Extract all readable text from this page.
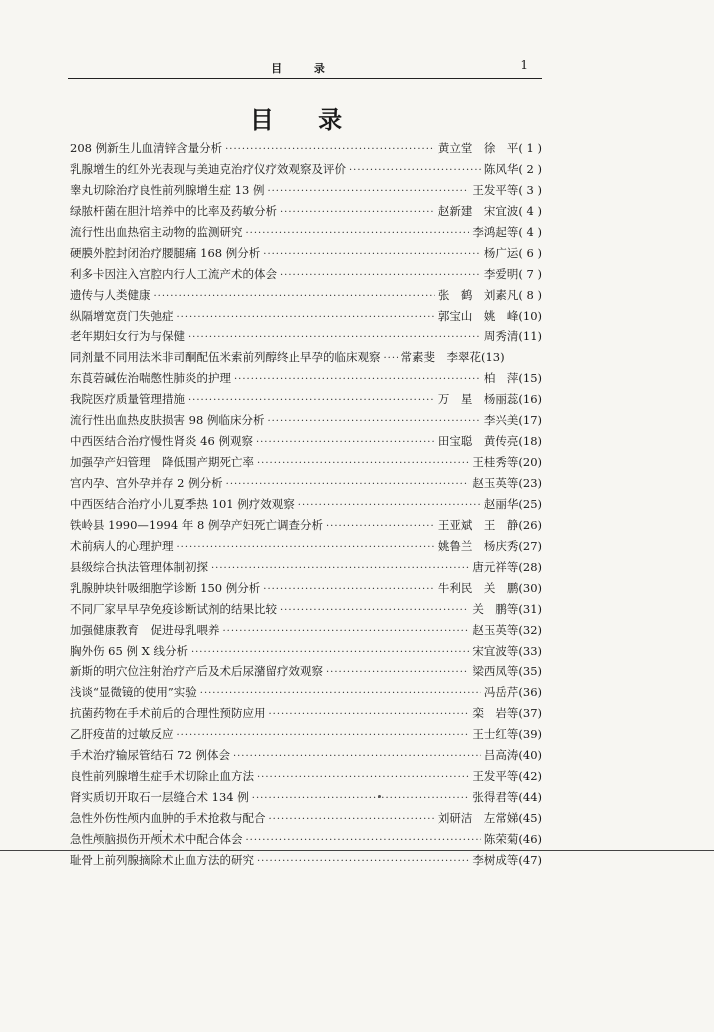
目 录	1
目 录
208 例新生儿血清锌含量分析 ·····	黄立堂　徐　平 ( 1 )
乳腺增生的红外光表现与美迪克治疗仪疗效观察及评价 ·····	陈风华 ( 2 )
睾丸切除治疗良性前列腺增生症 13 例 ·····	王发平等 ( 3 )
绿脓杆菌在胆汁培养中的比率及药敏分析 ·····	赵新建　宋宜波 ( 4 )
流行性出血热宿主动物的监测研究 ·····	李鸿起等 ( 4 )
硬膜外腔封闭治疗腰腿痛 168 例分析 ·····	杨广运 ( 6 )
利多卡因注入宫腔内行人工流产术的体会 ·····	李爱明 ( 7 )
遗传与人类健康 ·····	张　鹤　刘素凡 ( 8 )
纵隔增宽贲门失弛症 ·····	郭宝山　姚　峰 (10)
老年期妇女行为与保健 ·····	周秀清 (11)
同剂量不同用法米非司酮配伍米索前列醇终止早孕的临床观察 ····· 常素斐　李翠花 (13)
东莨菪碱佐治喘憋性肺炎的护理 ·····	柏　萍 (15)
我院医疗质量管理措施 ·····	万　星　杨丽蕊 (16)
流行性出血热皮肤损害 98 例临床分析 ·····	李兴美 (17)
中西医结合治疗慢性肾炎 46 例观察 ·····	田宝聪　黄传亮 (18)
加强孕产妇管理　降低围产期死亡率 ·····	王桂秀等 (20)
宫内孕、宫外孕并存 2 例分析 ·····	赵玉英等 (23)
中西医结合治疗小儿夏季热 101 例疗效观察 ·····	赵丽华 (25)
铁岭县 1990—1994 年 8 例孕产妇死亡调查分析 ·····	王亚斌　王　静 (26)
术前病人的心理护理 ·····	姚鲁兰　杨庆秀 (27)
县级综合执法管理体制初探 ·····	唐元祥等 (28)
乳腺肿块针吸细胞学诊断 150 例分析 ·····	牛利民　关　鹏 (30)
不同厂家早早孕免疫诊断试剂的结果比较 ·····	关　鹏等 (31)
加强健康教育　促进母乳喂养 ·····	赵玉英等 (32)
胸外伤 65 例 X 线分析 ·····	宋宜波等 (33)
新斯的明穴位注射治疗产后及术后尿潴留疗效观察 ·····	梁西凤等 (35)
浅谈“显微镜的使用”实验 ·····	冯岳芹 (36)
抗菌药物在手术前后的合理性预防应用 ·····	栾　岩等 (37)
乙肝疫苗的过敏反应 ·····	王士红等 (39)
手术治疗输尿管结石 72 例体会 ·····	吕高涛 (40)
良性前列腺增生症手术切除止血方法 ·····	王发平等 (42)
肾实质切开取石一层缝合术 134 例 ·····	张得君等 (44)
急性外伤性颅内血肿的手术抢救与配合 ·····	刘研洁　左常娣 (45)
急性颅脑损伤开颅术术中配合体会 ·····	陈荣菊 (46)
耻骨上前列腺摘除术止血方法的研究 ·····	李树成等 (47)
